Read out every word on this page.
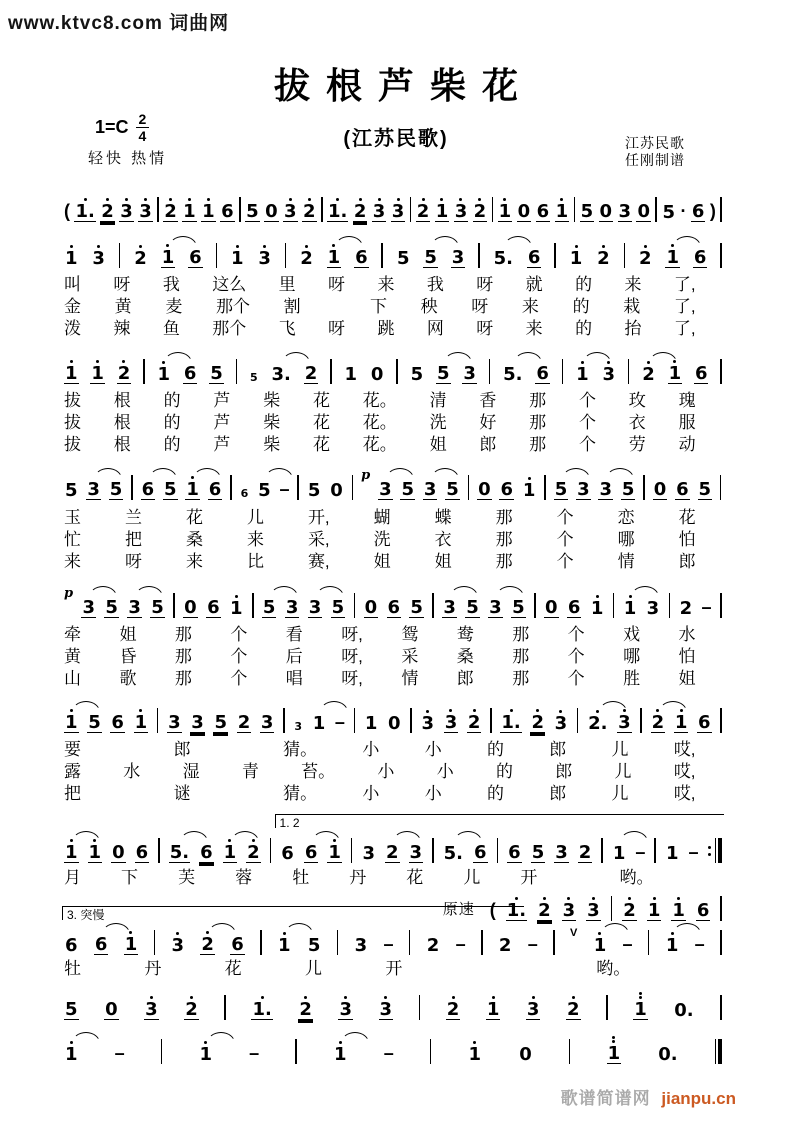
www.ktvc8.com 词曲网
拔根芦柴花
$1=C \frac{2}{4}$	(江苏民歌)
轻快 热情
江苏民歌
任刚制谱
( 1. 2 3 3 2 1 1 6 5 0 3 2 1. 2 3 3 2 1 3 2 1 0 6 1 5 0 3 0 5 · 6 )
1 3 2 1 6 1 3 2 1 6 5 5 3 5. 6 1 2 2 1 6
叫 呀 我 这么 里 呀 来 我 呀 就 的 来 了,
金 黄 麦 那个 割	下 秧 呀 来 的 栽 了,
泼 辣 鱼 那个 飞 呀 跳 网 呀 来 的 抬 了,
1 1 2 1 6 5 5 3. 2 1 0 5 5 3 5. 6 1 3 2 1 6
拔 根 的 芦 柴 花 花。 清 香 那 个 玫 瑰
拔 根 的 芦 柴 花 花。 洗 好 那 个 衣 服
拔 根 的 芦 柴 花 花。 姐 郎 那 个 劳 动
5 3 5 6 5 1 6 6 5 – 5 0
p
3 5 3 5 0 6 1 5 3 3 5 0 6 5
玉	兰	花	儿	开,	蝴	蝶	那	个	恋	花
忙	把	桑	来	采,	洗	衣	那	个	哪	怕
来	呀	来	比	赛,	姐	姐	那	个	情	郎
p
3 5 3 5 0 6 1 5 3 3 5 0 6 5 3 5 3 5 0 6 1 1 3 2 –
牵 姐 那 个 看 呀, 鸳 鸯 那 个 戏 水
黄 昏 那 个 后 呀, 采 桑 那 个 哪 怕
山 歌 那 个 唱 呀, 情 郎 那 个 胜 姐
1 5 6 1 3 3 5 2 3 3 1 – 1 0 3 3 2 1. 2 3 2. 3 2 1 6
要	郎	猜。	小	小	的	郎	儿	哎,
露 水 湿 青 苔。 小 小 的 郎 儿 哎,
把	谜	猜。	小	小	的	郎	儿	哎,
1. 2
1 1 0 6 5. 6 1 2 6 6 1 3 2 3 5. 6 6 5 3 2 1 – 1 –
月 下 芙 蓉 牡 丹 花 儿 开	哟。
原速 ( 1. 2 3 3 2 1 1 6
3. 突慢
6 6 1 3 2 6 1 5 3 – 2 – 2 –
V
1 – 1 –
牡	丹	花	儿	开	哟。
5 0 3 2	1. 2 3 3	2 1 3 2	1 0.
1 –	1 –	1 –	1 0	1 0.
歌谱简谱网 jianpu.cn
